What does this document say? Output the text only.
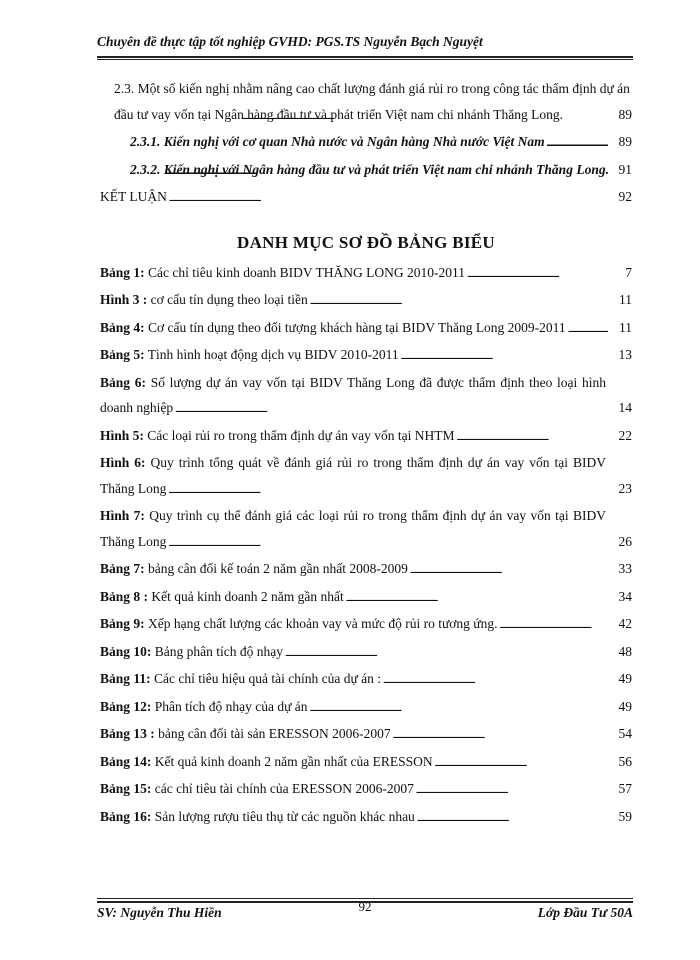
Chuyên đề thực tập tốt nghiệp GVHD: PGS.TS Nguyễn Bạch Nguyệt
2.3. Một số kiến nghị nhằm nâng cao chất lượng đánh giá rủi ro trong công tác thẩm định dự án đầu tư vay vốn tại Ngân hàng đầu tư và phát triển Việt nam chi nhánh Thăng Long. . . .	89
2.3.1. Kiến nghị với cơ quan Nhà nước và Ngân hàng Nhà nước Việt Nam . . .	89
2.3.2. Kiến nghị với Ngân hàng đầu tư và phát triển Việt nam chi nhánh Thăng Long. . . . 91
KẾT LUẬN . . .	92
DANH MỤC SƠ ĐỒ BẢNG BIỂU
Bảng 1: Các chỉ tiêu kinh doanh BIDV THĂNG LONG 2010-2011 . . .	7
Hình 3 : cơ cấu tín dụng theo loại tiền . . .	11
Bảng 4: Cơ cấu tín dụng theo đối tượng khách hàng tại BIDV Thăng Long 2009-2011 . . .	11
Bảng 5: Tình hình hoạt động dịch vụ BIDV 2010-2011 . . .	13
Bảng 6: Số lượng dự án vay vốn tại BIDV Thăng Long đã được thẩm định theo loại hình doanh nghiệp . . .	14
Hình 5: Các loại rủi ro trong thẩm định dự án vay vốn tại NHTM . . .	22
Hình 6: Quy trình tổng quát về đánh giá rủi ro trong thẩm định dự án vay vốn tại BIDV Thăng Long . . .	23
Hình 7: Quy trình cụ thể đánh giá các loại rủi ro trong thẩm định dự án vay vốn tại BIDV Thăng Long . . .	26
Bảng 7: bảng cân đối kế toán 2 năm gần nhất 2008-2009 . . .	33
Bảng 8 : Kết quả kinh doanh 2 năm gần nhất . . .	34
Bảng 9: Xếp hạng chất lượng các khoản vay và mức độ rủi ro tương ứng. . . .	42
Bảng 10: Bảng phân tích độ nhạy . . .	48
Bảng 11: Các chỉ tiêu hiệu quả tài chính của dự án : . . .	49
Bảng 12: Phân tích độ nhạy của dự án . . .	49
Bảng 13 : bảng cân đối tài sản ERESSON 2006-2007 . . .	54
Bảng 14: Kết quả kinh doanh 2 năm gần nhất của ERESSON . . .	56
Bảng 15: các chỉ tiêu tài chính của ERESSON 2006-2007 . . .	57
Bảng 16: Sản lượng rượu tiêu thụ từ các nguồn khác nhau . . .	59
SV: Nguyễn Thu Hiền	92	Lớp Đầu Tư 50A
